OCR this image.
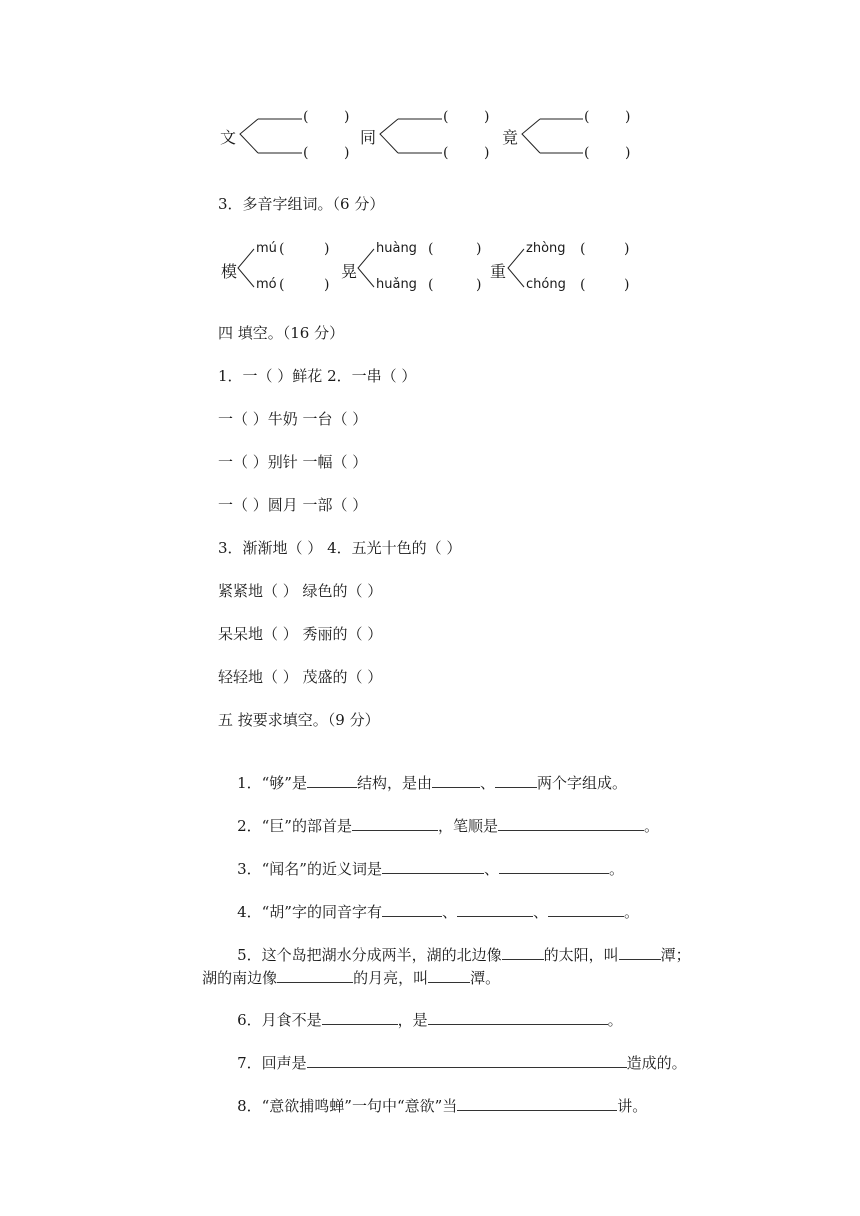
文
(	)
(	)
同
(	)
(	)
竟
(	)
(	)
3．多音字组词。（6 分）
模
mú (	)
mó (	)
晃
huàng (	)
huǎng (	)
重
zhòng (	)
chóng (	)
四 填空。（16 分）
1．一（ ）鲜花 2．一串（ ）
一（ ）牛奶 一台（ ）
一（ ）别针 一幅（ ）
一（ ）圆月 一部（ ）
3．渐渐地（ ） 4．五光十色的（ ）
紧紧地（ ） 绿色的（ ）
呆呆地（ ） 秀丽的（ ）
轻轻地（ ） 茂盛的（ ）
五 按要求填空。（9 分）

1．“够”是	结构，是由	、	两个字组成。

2．“巨”的部首是	，笔顺是	。

3．“闻名”的近义词是	、	。

4．“胡”字的同音字有	、	、	。

5．这个岛把湖水分成两半，湖的北边像	的太阳，叫	潭；

湖的南边像	的月亮，叫	潭。

6．月食不是	，是	。

7．回声是	造成的。

8．“意欲捕鸣蝉”一句中“意欲”当	讲。
